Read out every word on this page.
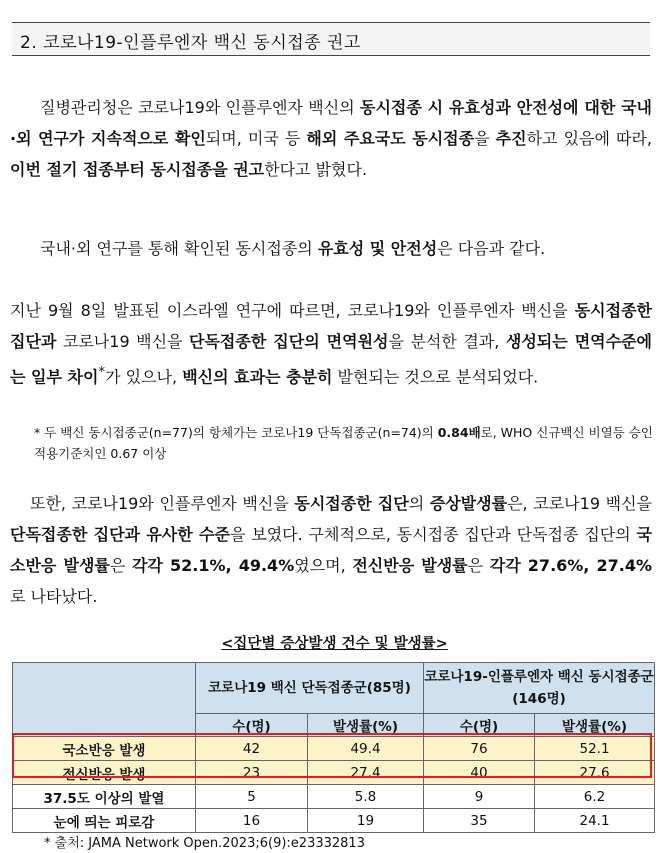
2. 코로나19-인플루엔자 백신 동시접종 권고
질병관리청은 코로나19와 인플루엔자 백신의 동시접종 시 유효성과 안전성에 대한 국내·외 연구가 지속적으로 확인되며, 미국 등 해외 주요국도 동시접종을 추진하고 있음에 따라, 이번 절기 접종부터 동시접종을 권고한다고 밝혔다.
국내·외 연구를 통해 확인된 동시접종의 유효성 및 안전성은 다음과 같다.
지난 9월 8일 발표된 이스라엘 연구에 따르면, 코로나19와 인플루엔자 백신을 동시접종한 집단과 코로나19 백신을 단독접종한 집단의 면역원성을 분석한 결과, 생성되는 면역수준에는 일부 차이*가 있으나, 백신의 효과는 충분히 발현되는 것으로 분석되었다.
* 두 백신 동시접종군(n=77)의 항체가는 코로나19 단독접종군(n=74)의 0.84배로, WHO 신규백신 비열등 승인 적용기준치인 0.67 이상
또한, 코로나19와 인플루엔자 백신을 동시접종한 집단의 증상발생률은, 코로나19 백신을 단독접종한 집단과 유사한 수준을 보였다. 구체적으로, 동시접종 집단과 단독접종 집단의 국소반응 발생률은 각각 52.1%, 49.4%였으며, 전신반응 발생률은 각각 27.6%, 27.4%로 나타났다.
<집단별 증상발생 건수 및 발생률>
	코로나19 백신 단독접종군(85명)		코로나19-인플루엔자 백신 동시접종군(146명)	
	수(명)	발생률(%)	수(명)	발생률(%)
국소반응 발생	42	49.4	76	52.1
전신반응 발생	23	27.4	40	27.6
37.5도 이상의 발열	5	5.8	9	6.2
눈에 띄는 피로감	16	19	35	24.1
* 출처: JAMA Network Open.2023;6(9):e23332813
